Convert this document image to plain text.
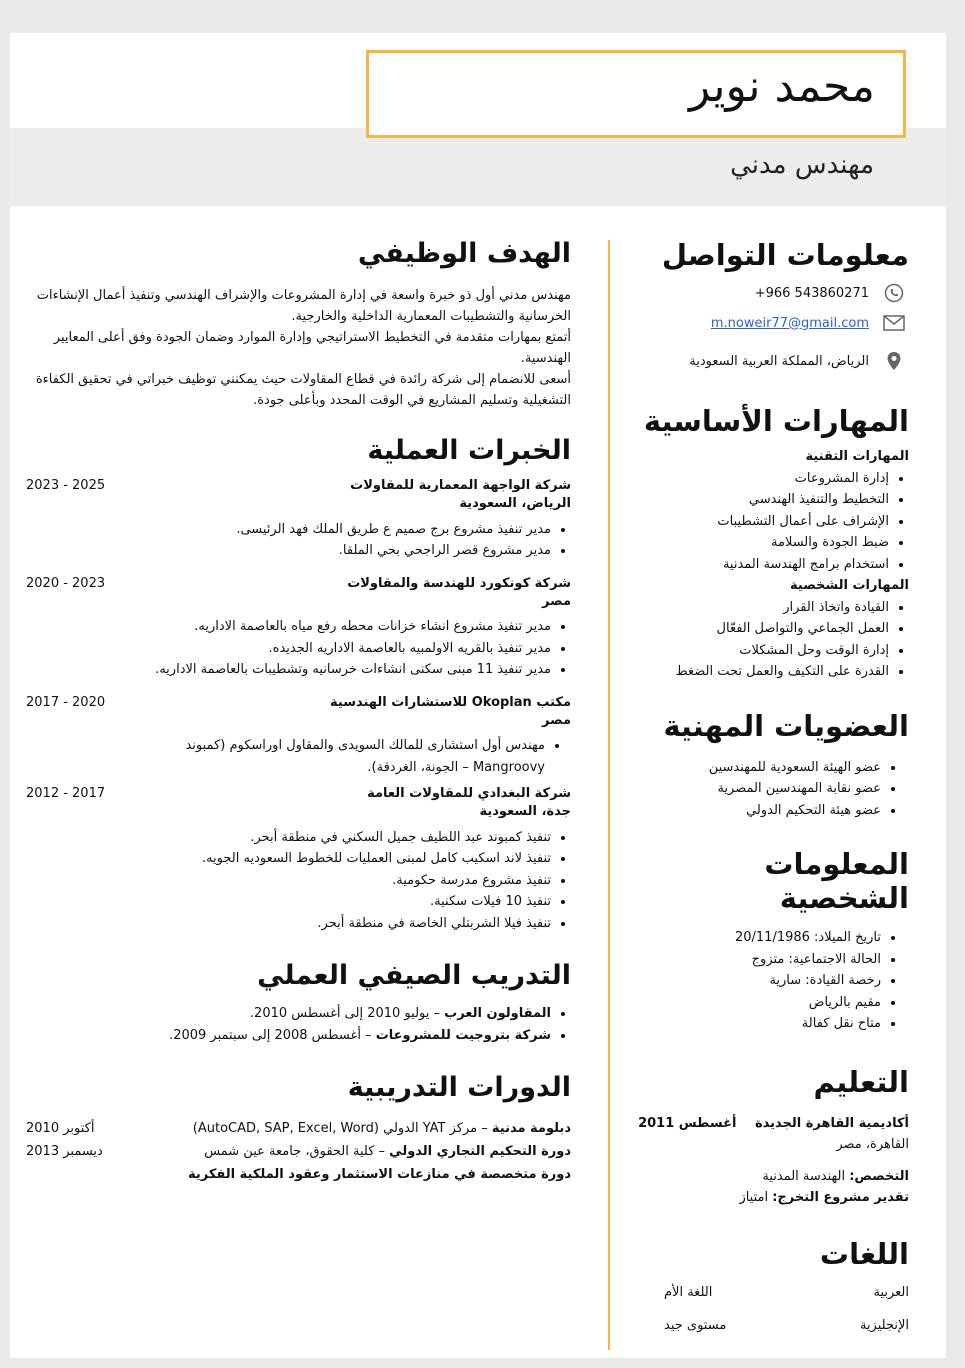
محمد نوير
مهندس مدني
معلومات التواصل
+966 543860271
m.noweir77@gmail.com
الرياض، المملكة العربية السعودية
المهارات الأساسية
المهارات التقنية
• إدارة المشروعات
• التخطيط والتنفيذ الهندسي
• الإشراف على أعمال التشطيبات
• ضبط الجودة والسلامة
• استخدام برامج الهندسة المدنية
المهارات الشخصية
• القيادة واتخاذ القرار
• العمل الجماعي والتواصل الفعّال
• إدارة الوقت وحل المشكلات
• القدرة على التكيف والعمل تحت الضغط
العضويات المهنية
• عضو الهيئة السعودية للمهندسين
• عضو نقابة المهندسين المصرية
• عضو هيئة التحكيم الدولي
المعلومات الشخصية
• تاريخ الميلاد: 20/11/1986
• الحالة الاجتماعية: متزوج
• رخصة القيادة: سارية
• مقيم بالرياض
• متاح نقل كفالة
التعليم
أكاديمية القاهرة الجديدة أغسطس 2011
القاهرة، مصر
التخصص: الهندسة المدنية
تقدير مشروع التخرج: امتياز
اللغات
العربية
اللغة الأم
الإنجليزية
مستوى جيد
الهدف الوظيفي
مهندس مدني أول ذو خبرة واسعة في إدارة المشروعات والإشراف الهندسي وتنفيذ أعمال الإنشاءات الخرسانية والتشطيبات المعمارية الداخلية والخارجية.
أتمتع بمهارات متقدمة في التخطيط الاستراتيجي وإدارة الموارد وضمان الجودة وفق أعلى المعايير الهندسية.
أسعى للانضمام إلى شركة رائدة في قطاع المقاولات حيث يمكنني توظيف خبراتي في تحقيق الكفاءة التشغيلية وتسليم المشاريع في الوقت المحدد وبأعلى جودة.
الخبرات العملية
شركة الواجهة المعمارية للمقاولات
2023 - 2025
الرياض، السعودية
• مدير تنفيذ مشروع برج صميم ع طريق الملك فهد الرئيسى.
• مدير مشروع قصر الراجحي بحي الملقا.
شركة كونكورد للهندسة والمقاولات
2020 - 2023
مصر
• مدير تنفيذ مشروع انشاء خزانات محطه رفع مياه بالعاصمة الاداريه.
• مدير تنفيذ بالقريه الاولمبيه بالعاصمة الاداريه الجديده.
• مدير تنفيذ 11 مبنى سكنى انشاءات خرسانيه وتشطيبات بالعاصمة الاداريه.
مكتب Okoplan للاستشارات الهندسية
2017 - 2020
مصر
• مهندس أول استشارى للمالك السويدى والمقاول اوراسكوم (كمبوند Mangroovy – الجونة، الغردقة).
شركة البغدادي للمقاولات العامة
2012 - 2017
جدة، السعودية
• تنفيذ كمبوند عبد اللطيف جميل السكني في منطقة أبحر.
• تنفيذ لاند اسكيب كامل لمبنى العمليات للخطوط السعوديه الجويه.
• تنفيذ مشروع مدرسة حكومية.
• تنفيذ 10 فيلات سكنية.
• تنفيذ فيلا الشربتلي الخاصة في منطقة أبحر.
التدريب الصيفي العملي
• المقاولون العرب – يوليو 2010 إلى أغسطس 2010.
• شركة بتروجيت للمشروعات – أغسطس 2008 إلى سبتمبر 2009.
الدورات التدريبية
دبلومة مدنية – مركز YAT الدولي (AutoCAD, SAP, Excel, Word)
أكتوبر 2010
دورة التحكيم التجاري الدولي – كلية الحقوق، جامعة عين شمس
ديسمبر 2013
دورة متخصصة في منازعات الاستثمار وعقود الملكية الفكرية
